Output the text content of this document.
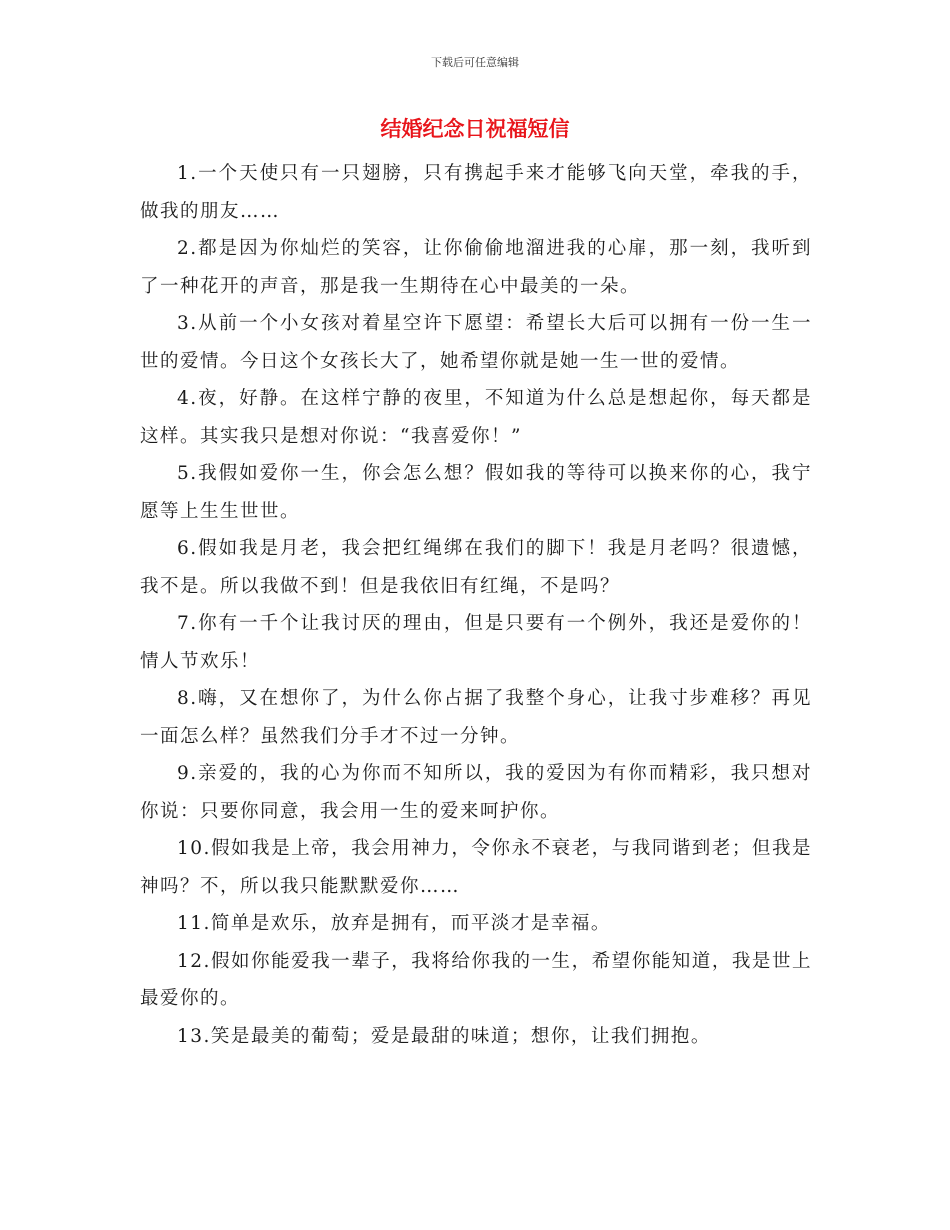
下载后可任意编辑
结婚纪念日祝福短信

1.一个天使只有一只翅膀，只有携起手来才能够飞向天堂，牵我的手，做我的朋友……

2.都是因为你灿烂的笑容，让你偷偷地溜进我的心扉，那一刻，我听到了一种花开的声音，那是我一生期待在心中最美的一朵。

3.从前一个小女孩对着星空许下愿望：希望长大后可以拥有一份一生一世的爱情。今日这个女孩长大了，她希望你就是她一生一世的爱情。

4.夜，好静。在这样宁静的夜里，不知道为什么总是想起你，每天都是这样。其实我只是想对你说：“我喜爱你！”

5.我假如爱你一生，你会怎么想？假如我的等待可以换来你的心，我宁愿等上生生世世。

6.假如我是月老，我会把红绳绑在我们的脚下！我是月老吗？很遗憾，我不是。所以我做不到！但是我依旧有红绳，不是吗？

7.你有一千个让我讨厌的理由，但是只要有一个例外，我还是爱你的！情人节欢乐！

8.嗨，又在想你了，为什么你占据了我整个身心，让我寸步难移？再见一面怎么样？虽然我们分手才不过一分钟。

9.亲爱的，我的心为你而不知所以，我的爱因为有你而精彩，我只想对你说：只要你同意，我会用一生的爱来呵护你。

10.假如我是上帝，我会用神力，令你永不衰老，与我同谐到老；但我是神吗？不，所以我只能默默爱你……

11.简单是欢乐，放弃是拥有，而平淡才是幸福。

12.假如你能爱我一辈子，我将给你我的一生，希望你能知道，我是世上最爱你的。

13.笑是最美的葡萄；爱是最甜的味道；想你，让我们拥抱。
